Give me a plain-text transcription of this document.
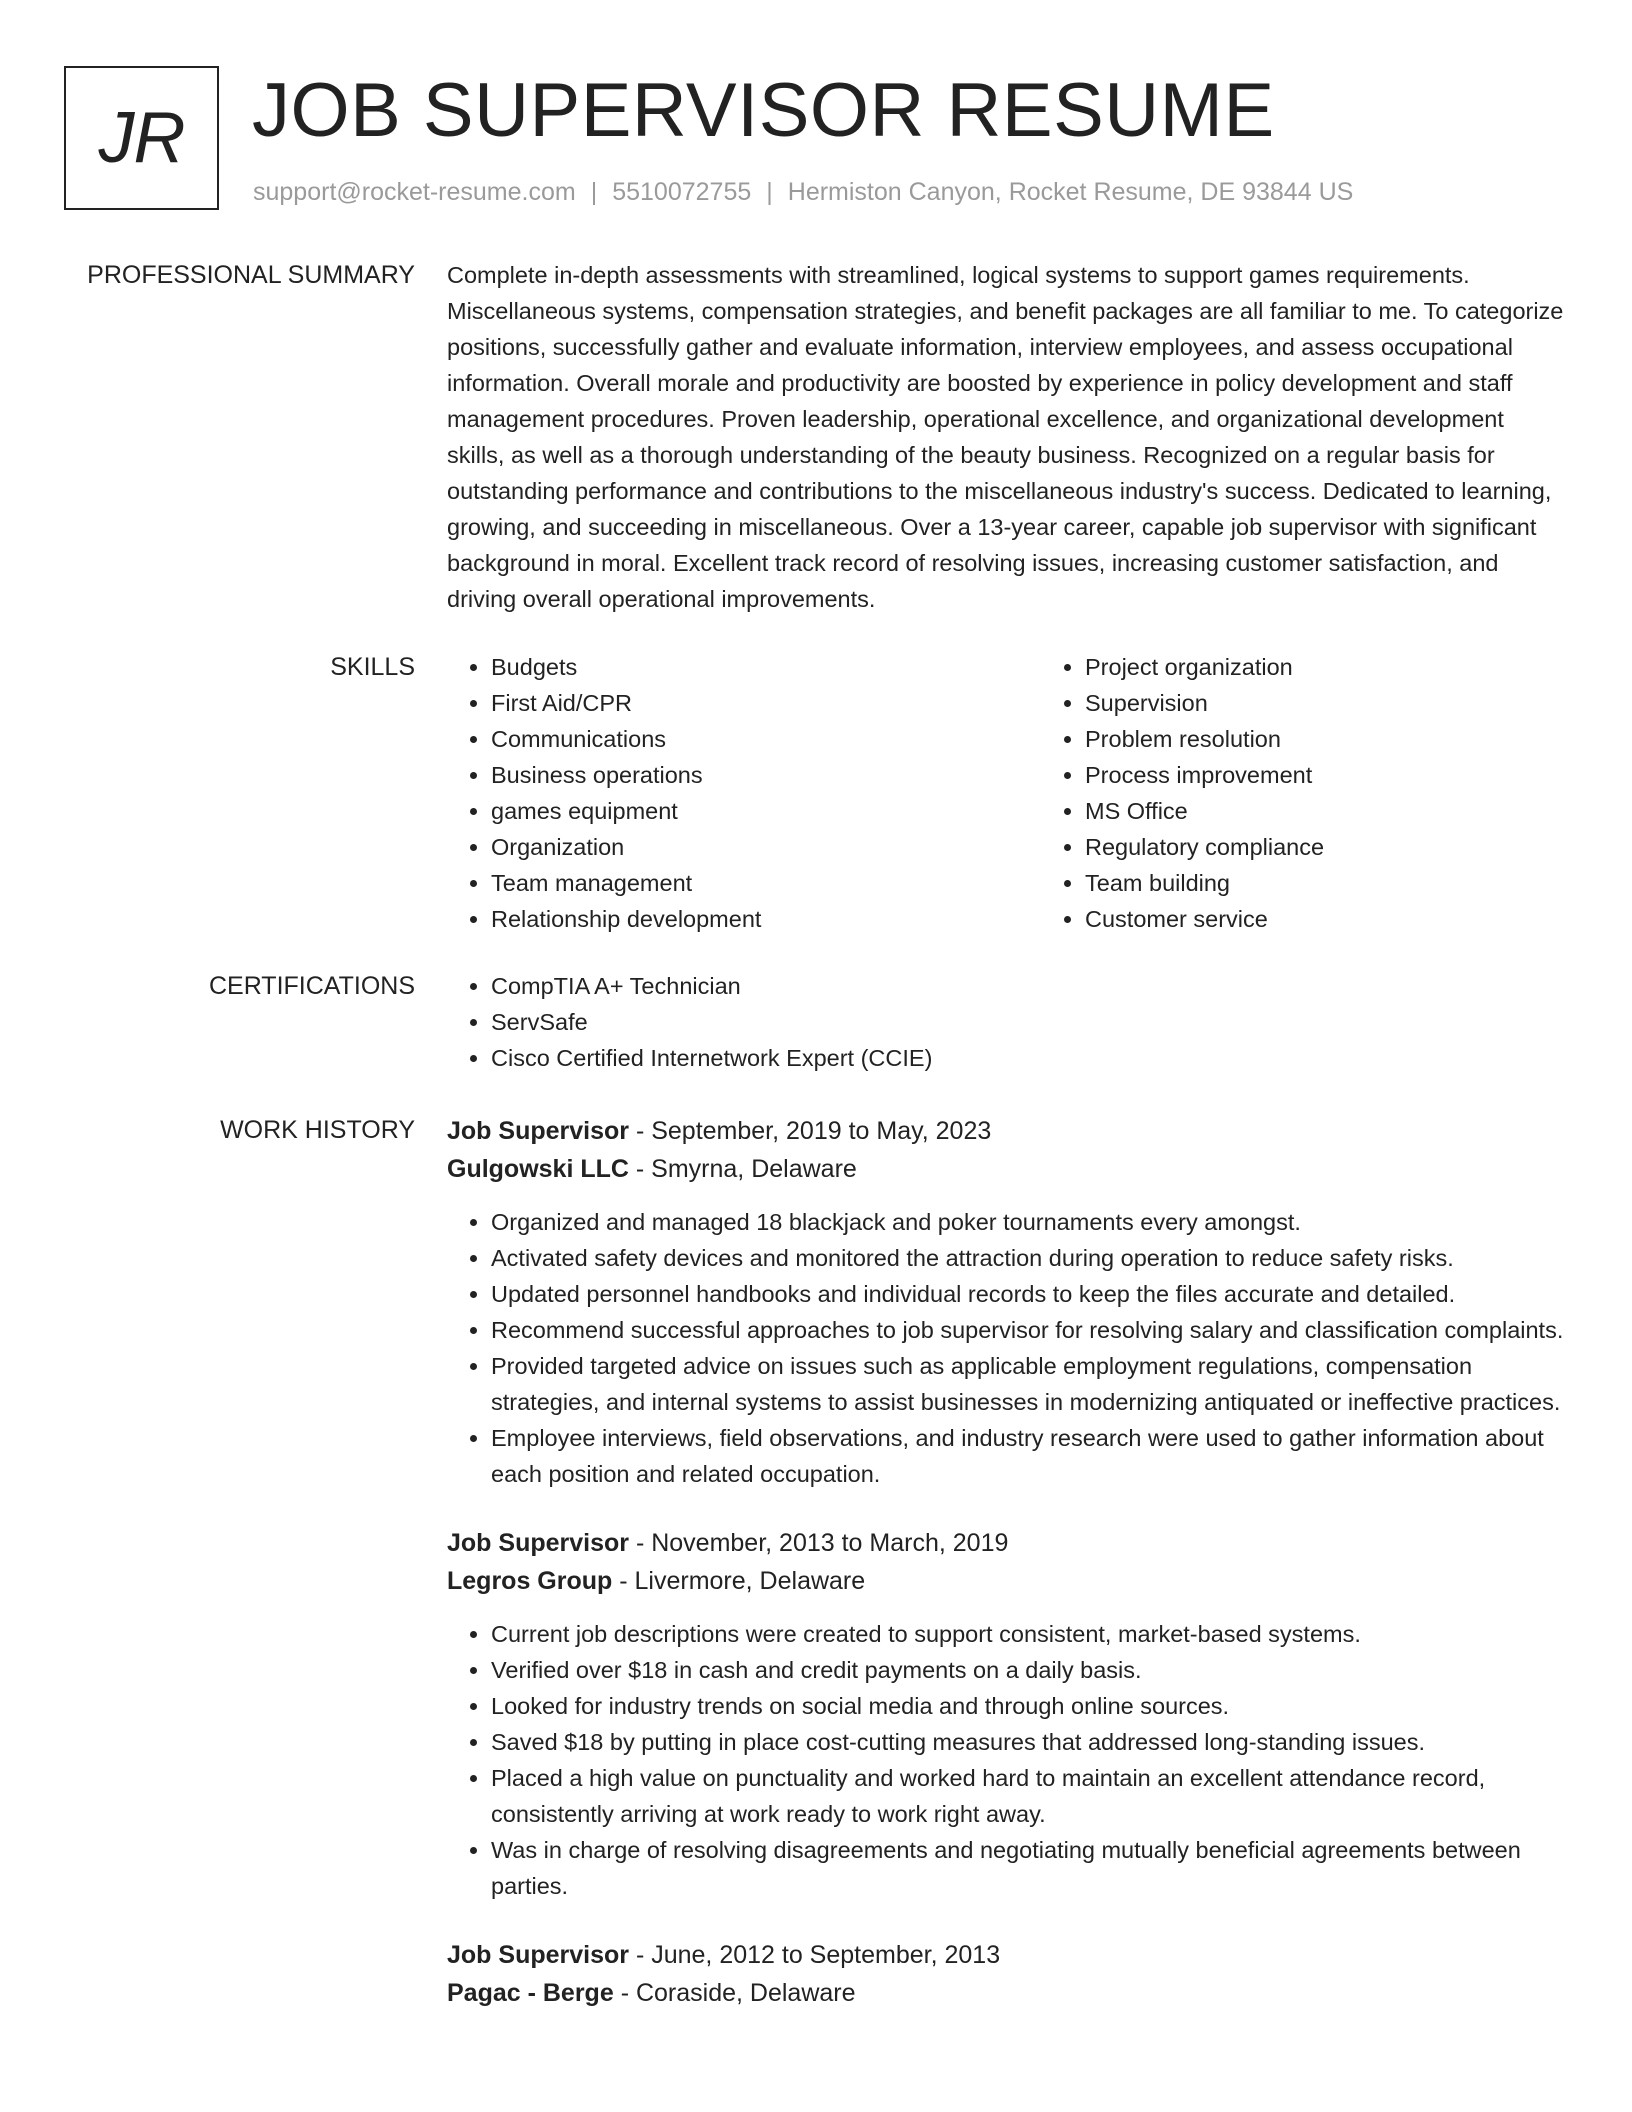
JR JOB SUPERVISOR RESUME
support@rocket-resume.com | 5510072755 | Hermiston Canyon, Rocket Resume, DE 93844 US
PROFESSIONAL SUMMARY Complete in-depth assessments with streamlined, logical systems to support games requirements. Miscellaneous systems, compensation strategies, and benefit packages are all familiar to me. To categorize positions, successfully gather and evaluate information, interview employees, and assess occupational information. Overall morale and productivity are boosted by experience in policy development and staff management procedures. Proven leadership, operational excellence, and organizational development skills, as well as a thorough understanding of the beauty business. Recognized on a regular basis for outstanding performance and contributions to the miscellaneous industry's success. Dedicated to learning, growing, and succeeding in miscellaneous. Over a 13-year career, capable job supervisor with significant background in moral. Excellent track record of resolving issues, increasing customer satisfaction, and driving overall operational improvements.

SKILLS	• Budgets
• First Aid/CPR
• Communications
• Business operations
• games equipment
• Organization
• Team management
• Relationship development
• Project organization
• Supervision
• Problem resolution
• Process improvement
• MS Office
• Regulatory compliance
• Team building
• Customer service
CERTIFICATIONS	• CompTIA A+ Technician
• ServSafe
• Cisco Certified Internetwork Expert (CCIE)
WORK HISTORY Job Supervisor - September, 2019 to May, 2023

Gulgowski LLC - Smyrna, Delaware

• Organized and managed 18 blackjack and poker tournaments every amongst.
• Activated safety devices and monitored the attraction during operation to reduce safety risks.
• Updated personnel handbooks and individual records to keep the files accurate and detailed.
• Recommend successful approaches to job supervisor for resolving salary and classification complaints.
• Provided targeted advice on issues such as applicable employment regulations, compensation strategies, and internal systems to assist businesses in modernizing antiquated or ineffective practices.
• Employee interviews, field observations, and industry research were used to gather information about each position and related occupation.

Job Supervisor - November, 2013 to March, 2019

Legros Group - Livermore, Delaware

• Current job descriptions were created to support consistent, market-based systems.
• Verified over $18 in cash and credit payments on a daily basis.
• Looked for industry trends on social media and through online sources.
• Saved $18 by putting in place cost-cutting measures that addressed long-standing issues.
• Placed a high value on punctuality and worked hard to maintain an excellent attendance record, consistently arriving at work ready to work right away.
• Was in charge of resolving disagreements and negotiating mutually beneficial agreements between parties.

Job Supervisor - June, 2012 to September, 2013

Pagac - Berge - Coraside, Delaware
